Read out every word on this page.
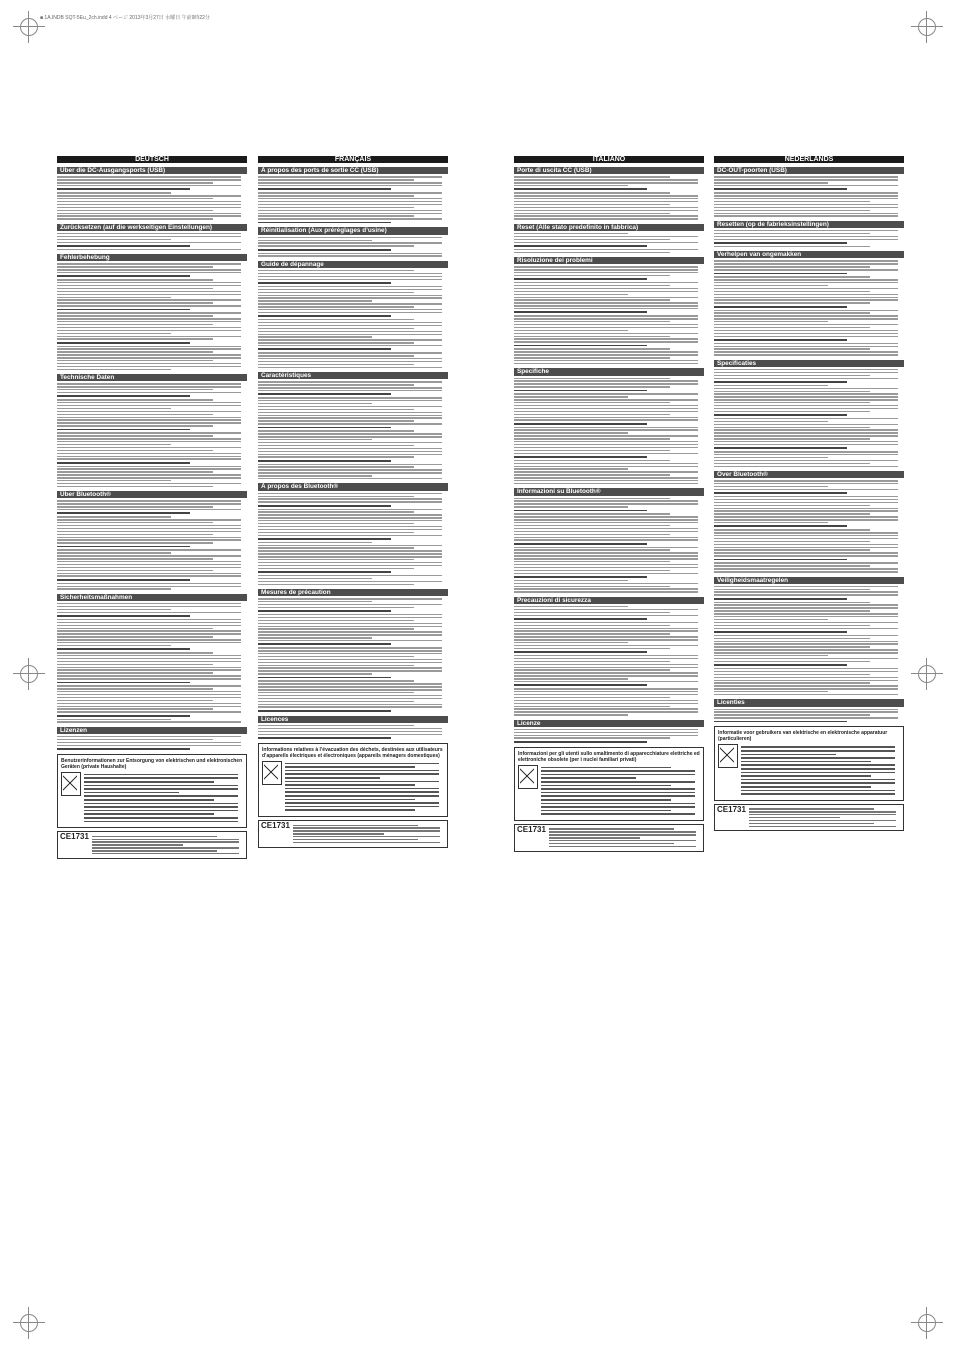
■ 1A.INDB SQT-5Eu_2ch.indd 4 ページ 2013年3月27日 水曜日 午前9時22分
DEUTSCH
Über die DC-Ausgangsports (USB)
Zurücksetzen (auf die werkseitigen Einstellungen)
Fehlerbehebung
Technische Daten
Über Bluetooth®
Sicherheitsmaßnahmen
Lizenzen
Benutzerinformationen zur Entsorgung von elektrischen und elektronischen Geräten (private Haushalte)
CE1731
FRANÇAIS
À propos des ports de sortie CC (USB)
Réinitialisation (Aux préréglages d’usine)
Guide de dépannage
Caractéristiques
À propos des Bluetooth®
Mesures de précaution
Licences
Informations relatives à l’évacuation des déchets, destinées aux utilisateurs d’appareils électriques et électroniques (appareils ménagers domestiques)
CE1731
ITALIANO
Porte di uscita CC (USB)
Reset (Alle stato predefinito in fabbrica)
Risoluzione dei problemi
Specifiche
Informazioni su Bluetooth®
Precauzioni di sicurezza
Licenze
Informazioni per gli utenti sullo smaltimento di apparecchiature elettriche ed elettroniche obsolete (per i nuclei familiari privati)
CE1731
NEDERLANDS
DC-OUT-poorten (USB)
Resetten (op de fabrieksinstellingen)
Verhelpen van ongemakken
Specificaties
Over Bluetooth®
Veiligheidsmaatregelen
Licenties
Informatie voor gebruikers van elektrische en elektronische apparatuur (particulieren)
CE1731
